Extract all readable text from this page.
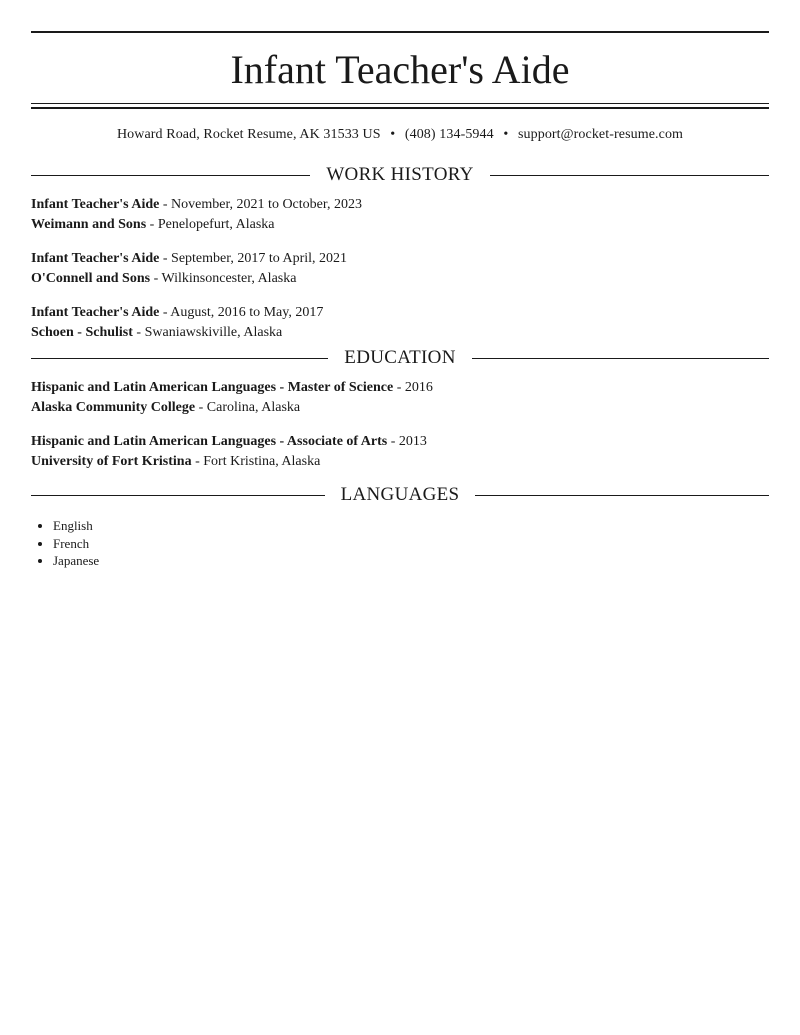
Infant Teacher's Aide
Howard Road, Rocket Resume, AK 31533 US • (408) 134-5944 • support@rocket-resume.com
WORK HISTORY
Infant Teacher's Aide - November, 2021 to October, 2023
Weimann and Sons - Penelopefurt, Alaska
Infant Teacher's Aide - September, 2017 to April, 2021
O'Connell and Sons - Wilkinsoncester, Alaska
Infant Teacher's Aide - August, 2016 to May, 2017
Schoen - Schulist - Swaniawskiville, Alaska
EDUCATION
Hispanic and Latin American Languages - Master of Science - 2016
Alaska Community College - Carolina, Alaska
Hispanic and Latin American Languages - Associate of Arts - 2013
University of Fort Kristina - Fort Kristina, Alaska
LANGUAGES
• English
• French
• Japanese
